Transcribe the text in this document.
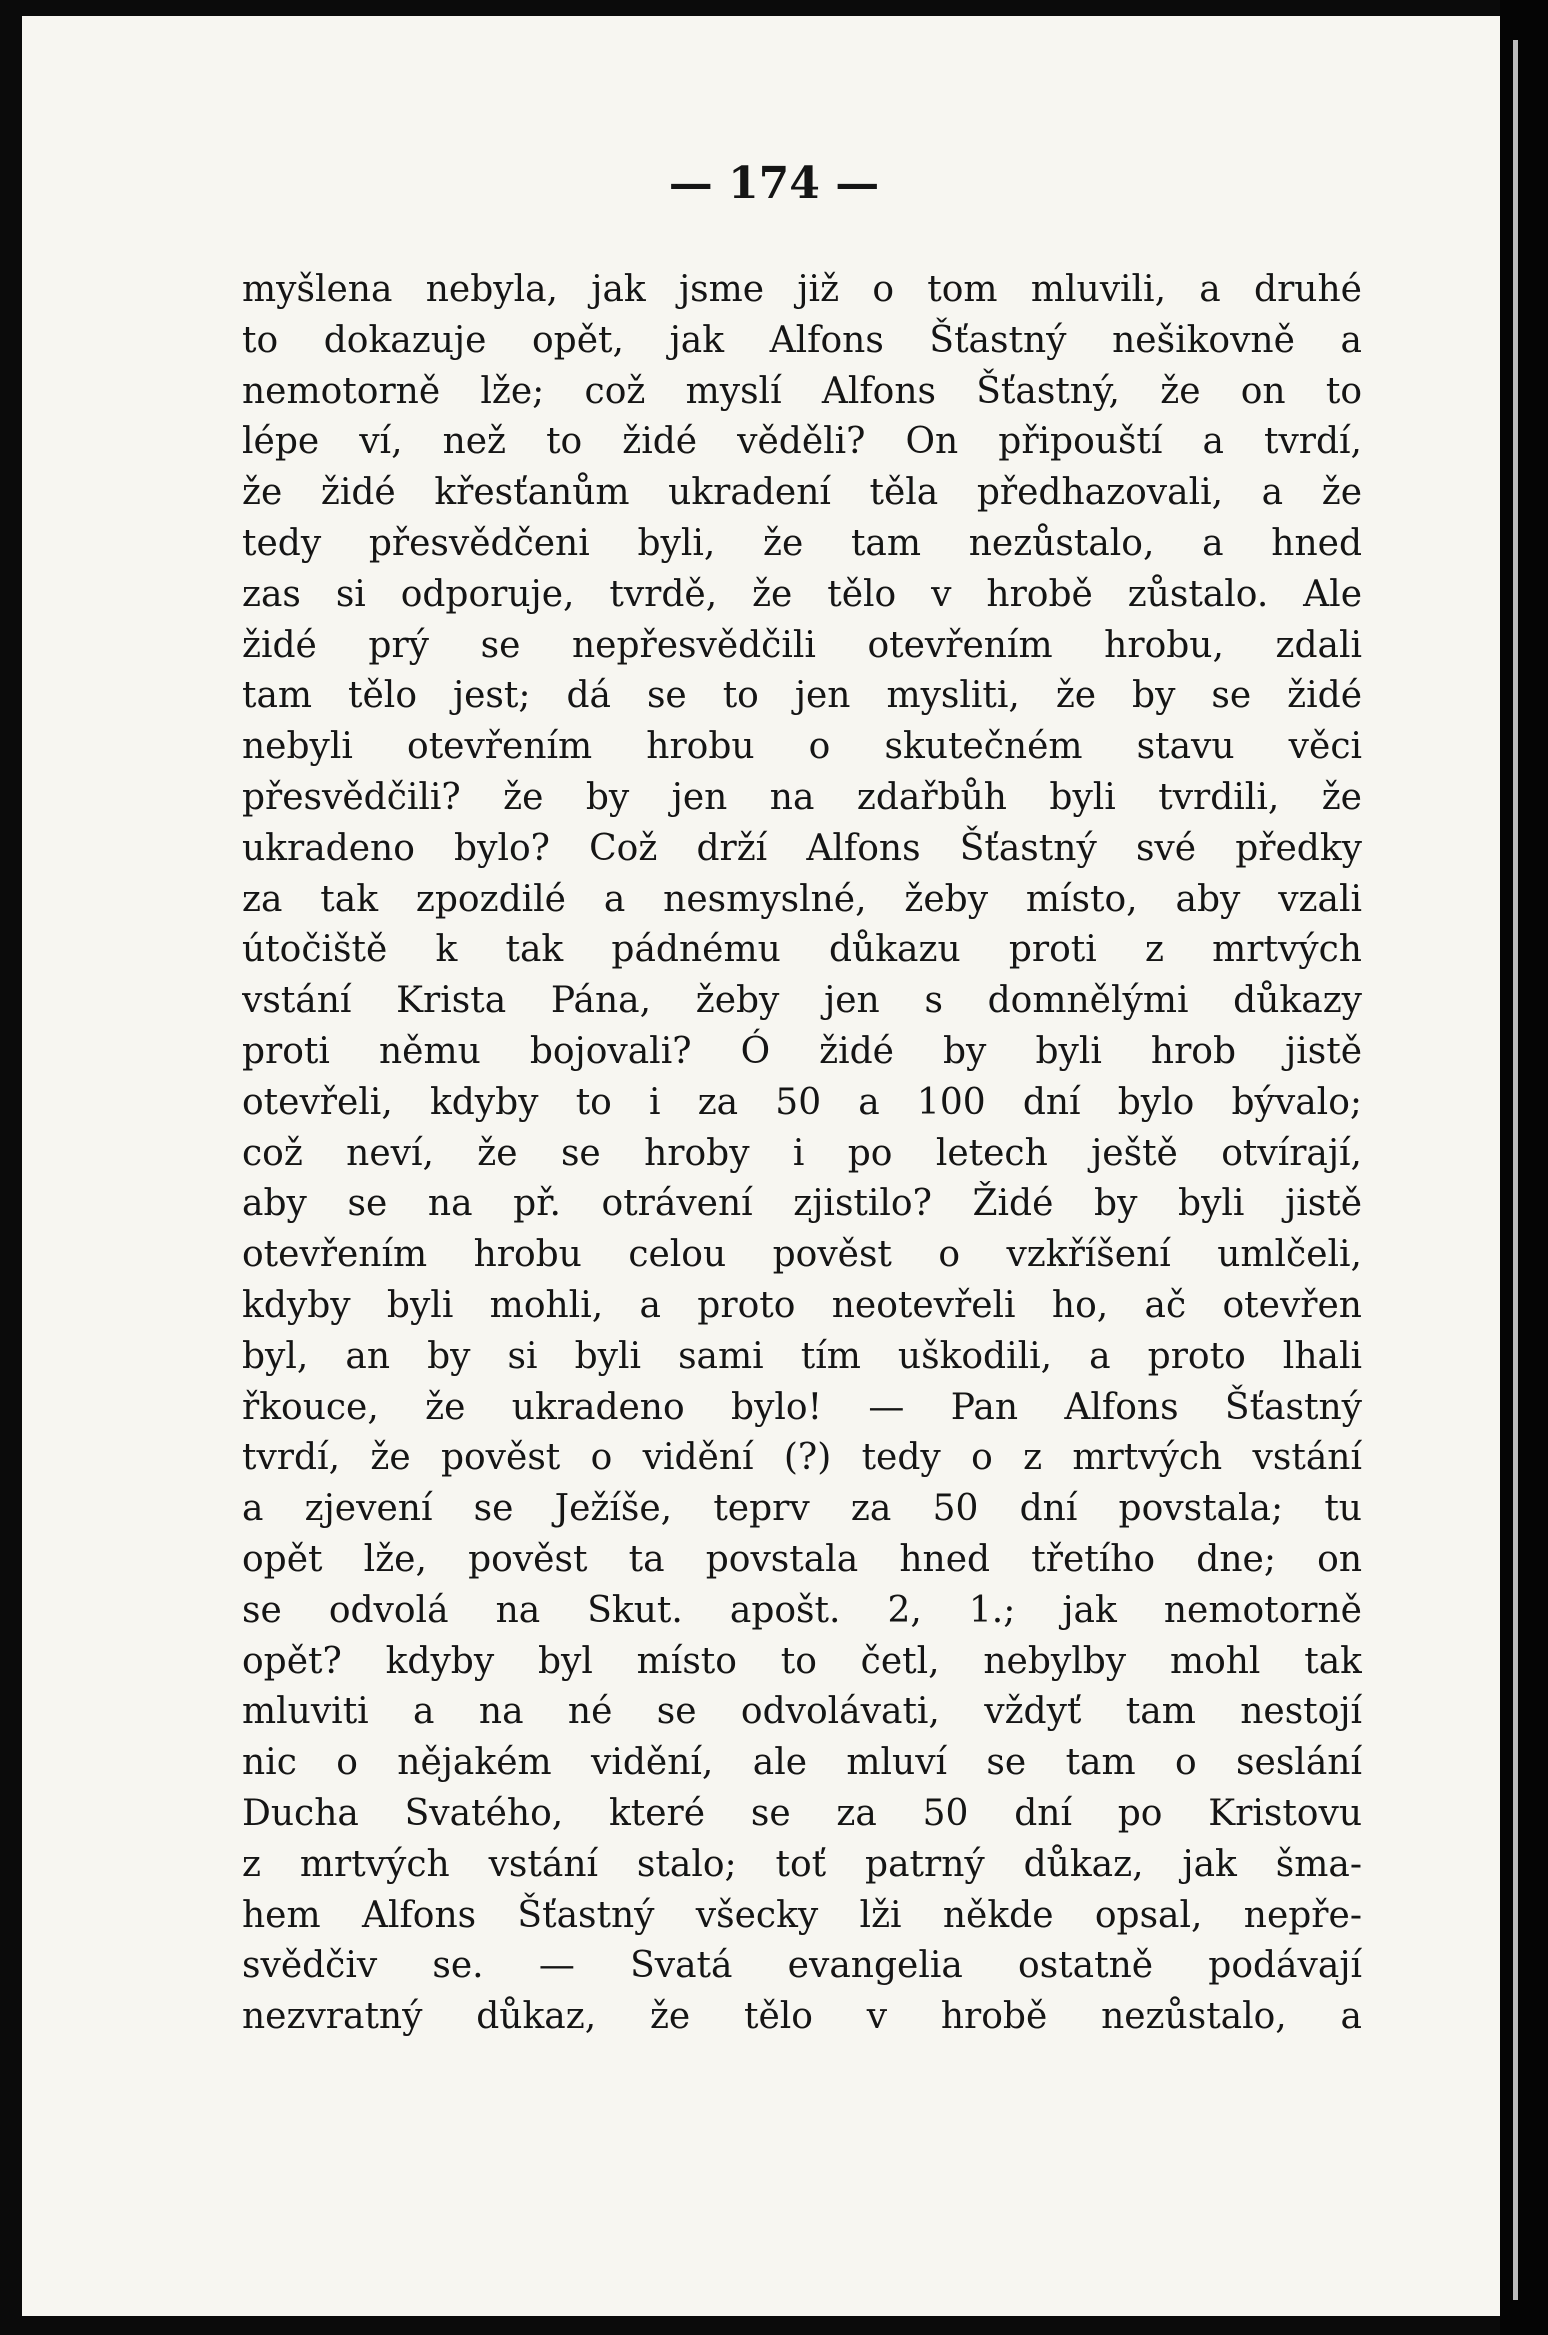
— 174 —
myšlena nebyla, jak jsme již o tom mluvili, a druhé
to dokazuje opět, jak Alfons Šťastný nešikovně a
nemotorně lže; což myslí Alfons Šťastný, že on to
lépe ví, než to židé věděli? On připouští a tvrdí,
že židé křesťanům ukradení těla předhazovali, a že
tedy přesvědčeni byli, že tam nezůstalo, a hned
zas si odporuje, tvrdě, že tělo v hrobě zůstalo. Ale
židé prý se nepřesvědčili otevřením hrobu, zdali
tam tělo jest; dá se to jen mysliti, že by se židé
nebyli otevřením hrobu o skutečném stavu věci
přesvědčili? že by jen na zdařbůh byli tvrdili, že
ukradeno bylo? Což drží Alfons Šťastný své předky
za tak zpozdilé a nesmyslné, žeby místo, aby vzali
útočiště k tak pádnému důkazu proti z mrtvých
vstání Krista Pána, žeby jen s domnělými důkazy
proti němu bojovali? Ó židé by byli hrob jistě
otevřeli, kdyby to i za 50 a 100 dní bylo bývalo;
což neví, že se hroby i po letech ještě otvírají,
aby se na př. otrávení zjistilo? Židé by byli jistě
otevřením hrobu celou pověst o vzkříšení umlčeli,
kdyby byli mohli, a proto neotevřeli ho, ač otevřen
byl, an by si byli sami tím uškodili, a proto lhali
řkouce, že ukradeno bylo! — Pan Alfons Šťastný
tvrdí, že pověst o vidění (?) tedy o z mrtvých vstání
a zjevení se Ježíše, teprv za 50 dní povstala; tu
opět lže, pověst ta povstala hned třetího dne; on
se odvolá na Skut. apošt. 2, 1.; jak nemotorně
opět? kdyby byl místo to četl, nebylby mohl tak
mluviti a na né se odvolávati, vždyť tam nestojí
nic o nějakém vidění, ale mluví se tam o seslání
Ducha Svatého, které se za 50 dní po Kristovu
z mrtvých vstání stalo; toť patrný důkaz, jak šma-
hem Alfons Šťastný všecky lži někde opsal, nepře-
svědčiv se. — Svatá evangelia ostatně podávají
nezvratný důkaz, že tělo v hrobě nezůstalo, a
